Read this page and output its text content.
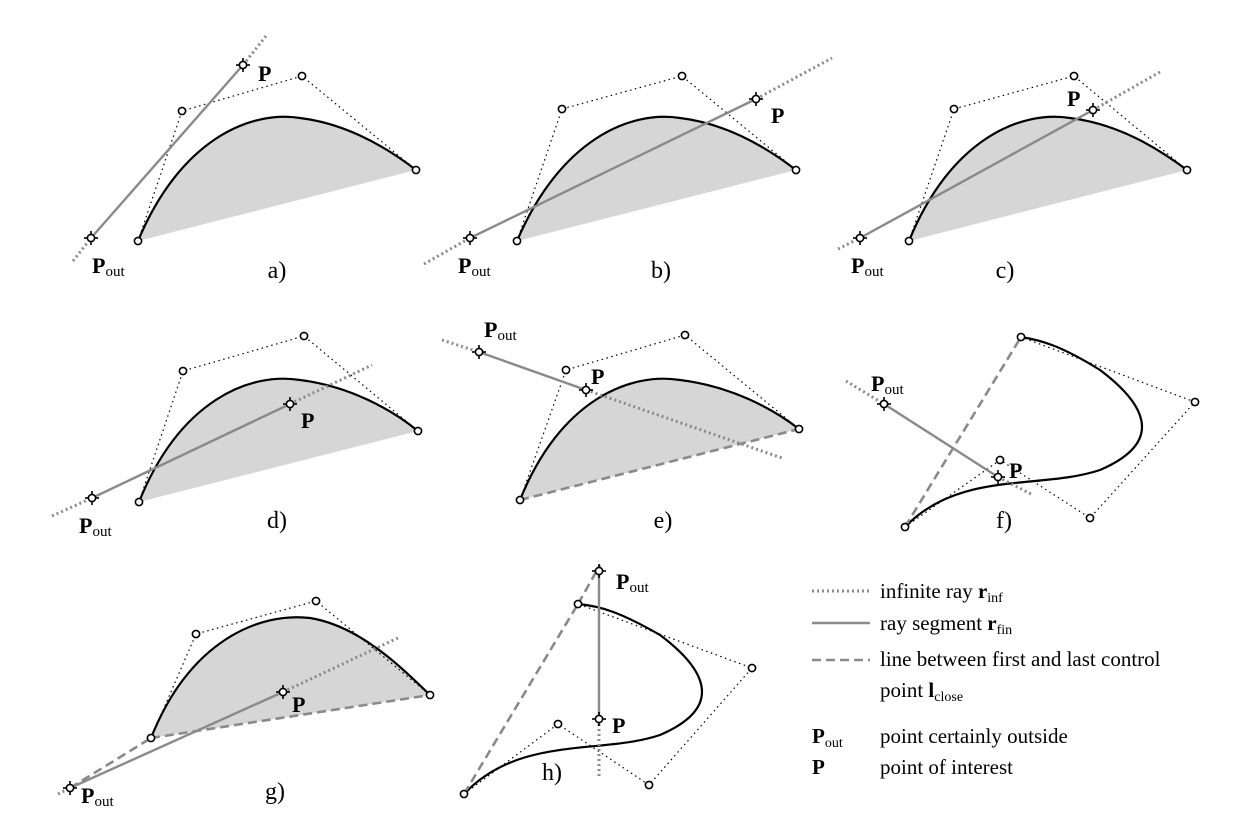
P
Pout	a)
P
Pout	b)
P
Pout	c)
P
Pout	d)
P
Pout
e)
P
Pout
f)
P
Pout	g)
P
Pout
h)
infinite ray rinf
ray segment rfin
line between first and last control
point lclose
Pout point certainly outside
P	point of interest
